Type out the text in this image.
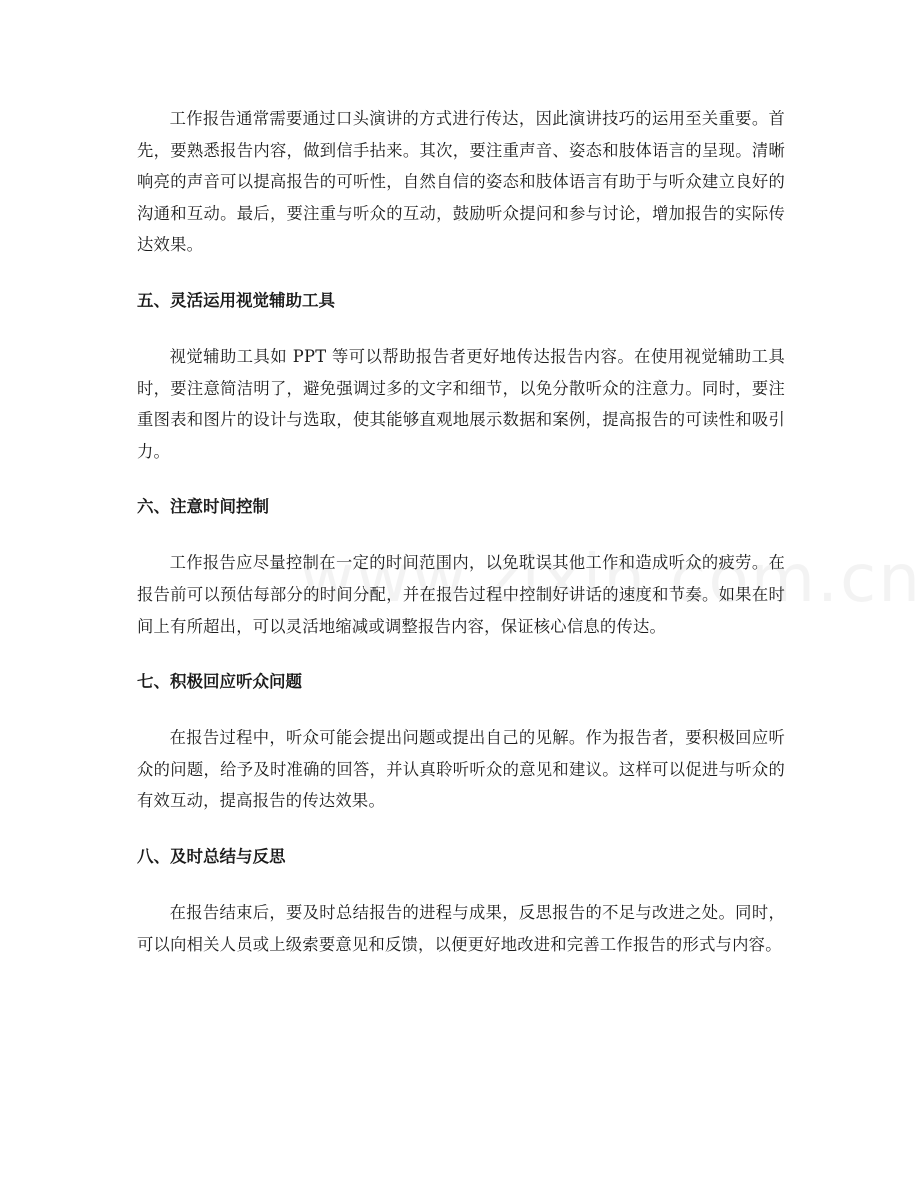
工作报告通常需要通过口头演讲的方式进行传达，因此演讲技巧的运用至关重要。首先，要熟悉报告内容，做到信手拈来。其次，要注重声音、姿态和肢体语言的呈现。清晰响亮的声音可以提高报告的可听性，自然自信的姿态和肢体语言有助于与听众建立良好的沟通和互动。最后，要注重与听众的互动，鼓励听众提问和参与讨论，增加报告的实际传达效果。

五、灵活运用视觉辅助工具

视觉辅助工具如 PPT 等可以帮助报告者更好地传达报告内容。在使用视觉辅助工具时，要注意简洁明了，避免强调过多的文字和细节，以免分散听众的注意力。同时，要注重图表和图片的设计与选取，使其能够直观地展示数据和案例，提高报告的可读性和吸引力。

六、注意时间控制

工作报告应尽量控制在一定的时间范围内，以免耽误其他工作和造成听众的疲劳。在报告前可以预估每部分的时间分配，并在报告过程中控制好讲话的速度和节奏。如果在时间上有所超出，可以灵活地缩减或调整报告内容，保证核心信息的传达。

七、积极回应听众问题

在报告过程中，听众可能会提出问题或提出自己的见解。作为报告者，要积极回应听众的问题，给予及时准确的回答，并认真聆听听众的意见和建议。这样可以促进与听众的有效互动，提高报告的传达效果。

八、及时总结与反思

在报告结束后，要及时总结报告的进程与成果，反思报告的不足与改进之处。同时，可以向相关人员或上级索要意见和反馈，以便更好地改进和完善工作报告的形式与内容。
